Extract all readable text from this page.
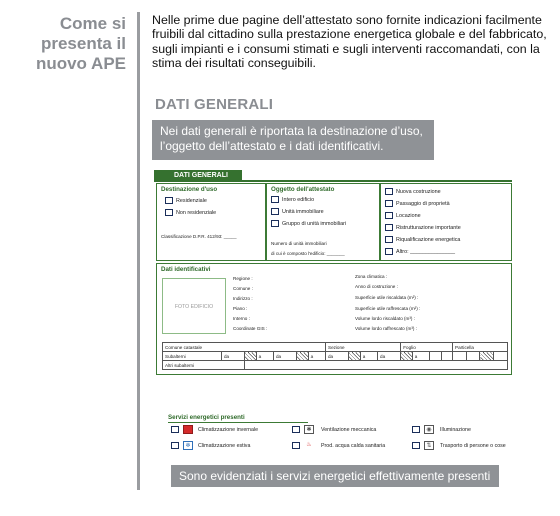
Come si
presenta il
nuovo APE

Nelle prime due pagine dell’attestato sono fornite indicazioni facilmente fruibili dal cittadino sulla prestazione energetica globale e del fabbricato, sugli impianti e i consumi stimati e sugli interventi raccomandati, con la stima dei risultati conseguibili.

DATI GENERALI
Nei dati generali è riportata la destinazione d’uso, l’oggetto dell’attestato e i dati identificativi.
DATI GENERALI
Destinazione d'uso
Residenziale
Non residenziale
Classificazione D.P.R. 412/93: _____
Oggetto dell'attestato
Intero edificio
Unità immobiliare
Gruppo di unità immobiliari
Numero di unità immobiliari
di cui è composto l'edificio: _______
Nuova costruzione
Passaggio di proprietà
Locazione
Ristrutturazione importante
Riqualificazione energetica
Altro: _______________
Dati identificativi
FOTO EDIFICIO
Regione :
Comune :
Indirizzo :
Piano :
Interno :
Coordinate GIS :
Zona climatica :
Anno di costruzione :
Superficie utile riscaldata (m²) :
Superficie utile raffrescata (m²) :
Volume lordo riscaldato (m³) :
Volume lordo raffrescato (m³) :
Comune catastale							Sezione				Foglio				Particella			
Subalterni	da		a	da		a	da		a	da		a						
Altri subalterni																		
Servizi energetici presenti
Climatizzazione invernale	✱	Ventilazione meccanica	◉	Illuminazione
❄	Climatizzazione estiva	♨	Prod. acqua calda sanitaria	⇅	Trasporto di persone o cose
Sono evidenziati i servizi energetici effettivamente presenti
